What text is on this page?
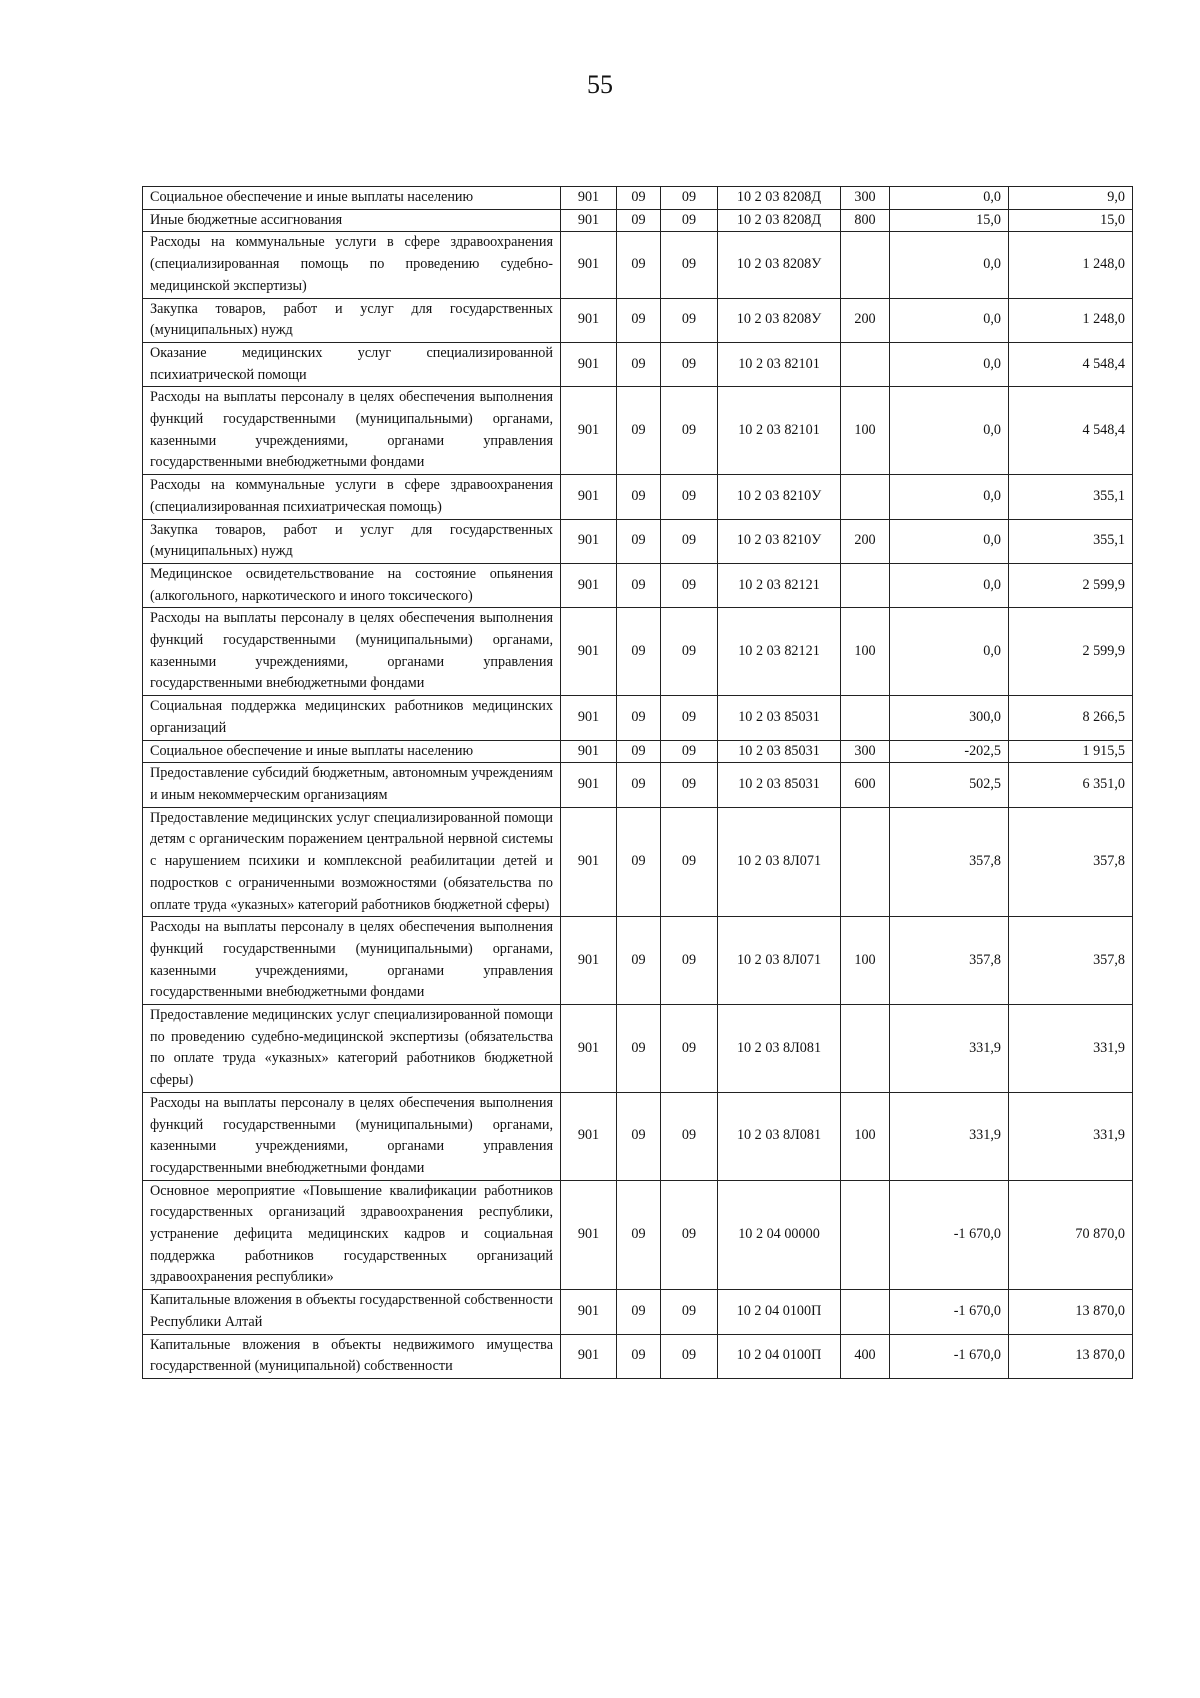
55
Социальное обеспечение и иные выплаты населению	901	09	09	10 2 03 8208Д	300	0,0	9,0
Иные бюджетные ассигнования	901	09	09	10 2 03 8208Д	800	15,0	15,0
Расходы на коммунальные услуги в сфере здравоохранения (специализированная помощь по проведению судебно-медицинской экспертизы)	901	09	09	10 2 03 8208У		0,0	1 248,0
Закупка товаров, работ и услуг для государственных (муниципальных) нужд	901	09	09	10 2 03 8208У	200	0,0	1 248,0
Оказание медицинских услуг специализированной психиатрической помощи	901	09	09	10 2 03 82101		0,0	4 548,4
Расходы на выплаты персоналу в целях обеспечения выполнения функций государственными (муниципальными) органами, казенными учреждениями, органами управления государственными внебюджетными фондами	901	09	09	10 2 03 82101	100	0,0	4 548,4
Расходы на коммунальные услуги в сфере здравоохранения (специализированная психиатрическая помощь)	901	09	09	10 2 03 8210У		0,0	355,1
Закупка товаров, работ и услуг для государственных (муниципальных) нужд	901	09	09	10 2 03 8210У	200	0,0	355,1
Медицинское освидетельствование на состояние опьянения (алкогольного, наркотического и иного токсического)	901	09	09	10 2 03 82121		0,0	2 599,9
Расходы на выплаты персоналу в целях обеспечения выполнения функций государственными (муниципальными) органами, казенными учреждениями, органами управления государственными внебюджетными фондами	901	09	09	10 2 03 82121	100	0,0	2 599,9
Социальная поддержка медицинских работников медицинских организаций	901	09	09	10 2 03 85031		300,0	8 266,5
Социальное обеспечение и иные выплаты населению	901	09	09	10 2 03 85031	300	-202,5	1 915,5
Предоставление субсидий бюджетным, автономным учреждениям и иным некоммерческим организациям	901	09	09	10 2 03 85031	600	502,5	6 351,0
Предоставление медицинских услуг специализированной помощи детям с органическим поражением центральной нервной системы с нарушением психики и комплексной реабилитации детей и подростков с ограниченными возможностями (обязательства по оплате труда «указных» категорий работников бюджетной сферы)	901	09	09	10 2 03 8Л071		357,8	357,8
Расходы на выплаты персоналу в целях обеспечения выполнения функций государственными (муниципальными) органами, казенными учреждениями, органами управления государственными внебюджетными фондами	901	09	09	10 2 03 8Л071	100	357,8	357,8
Предоставление медицинских услуг специализированной помощи по проведению судебно-медицинской экспертизы (обязательства по оплате труда «указных» категорий работников бюджетной сферы)	901	09	09	10 2 03 8Л081		331,9	331,9
Расходы на выплаты персоналу в целях обеспечения выполнения функций государственными (муниципальными) органами, казенными учреждениями, органами управления государственными внебюджетными фондами	901	09	09	10 2 03 8Л081	100	331,9	331,9
Основное мероприятие «Повышение квалификации работников государственных организаций здравоохранения республики, устранение дефицита медицинских кадров и социальная поддержка работников государственных организаций здравоохранения республики»	901	09	09	10 2 04 00000		-1 670,0	70 870,0
Капитальные вложения в объекты государственной собственности Республики Алтай	901	09	09	10 2 04 0100П		-1 670,0	13 870,0
Капитальные вложения в объекты недвижимого имущества государственной (муниципальной) собственности	901	09	09	10 2 04 0100П	400	-1 670,0	13 870,0
